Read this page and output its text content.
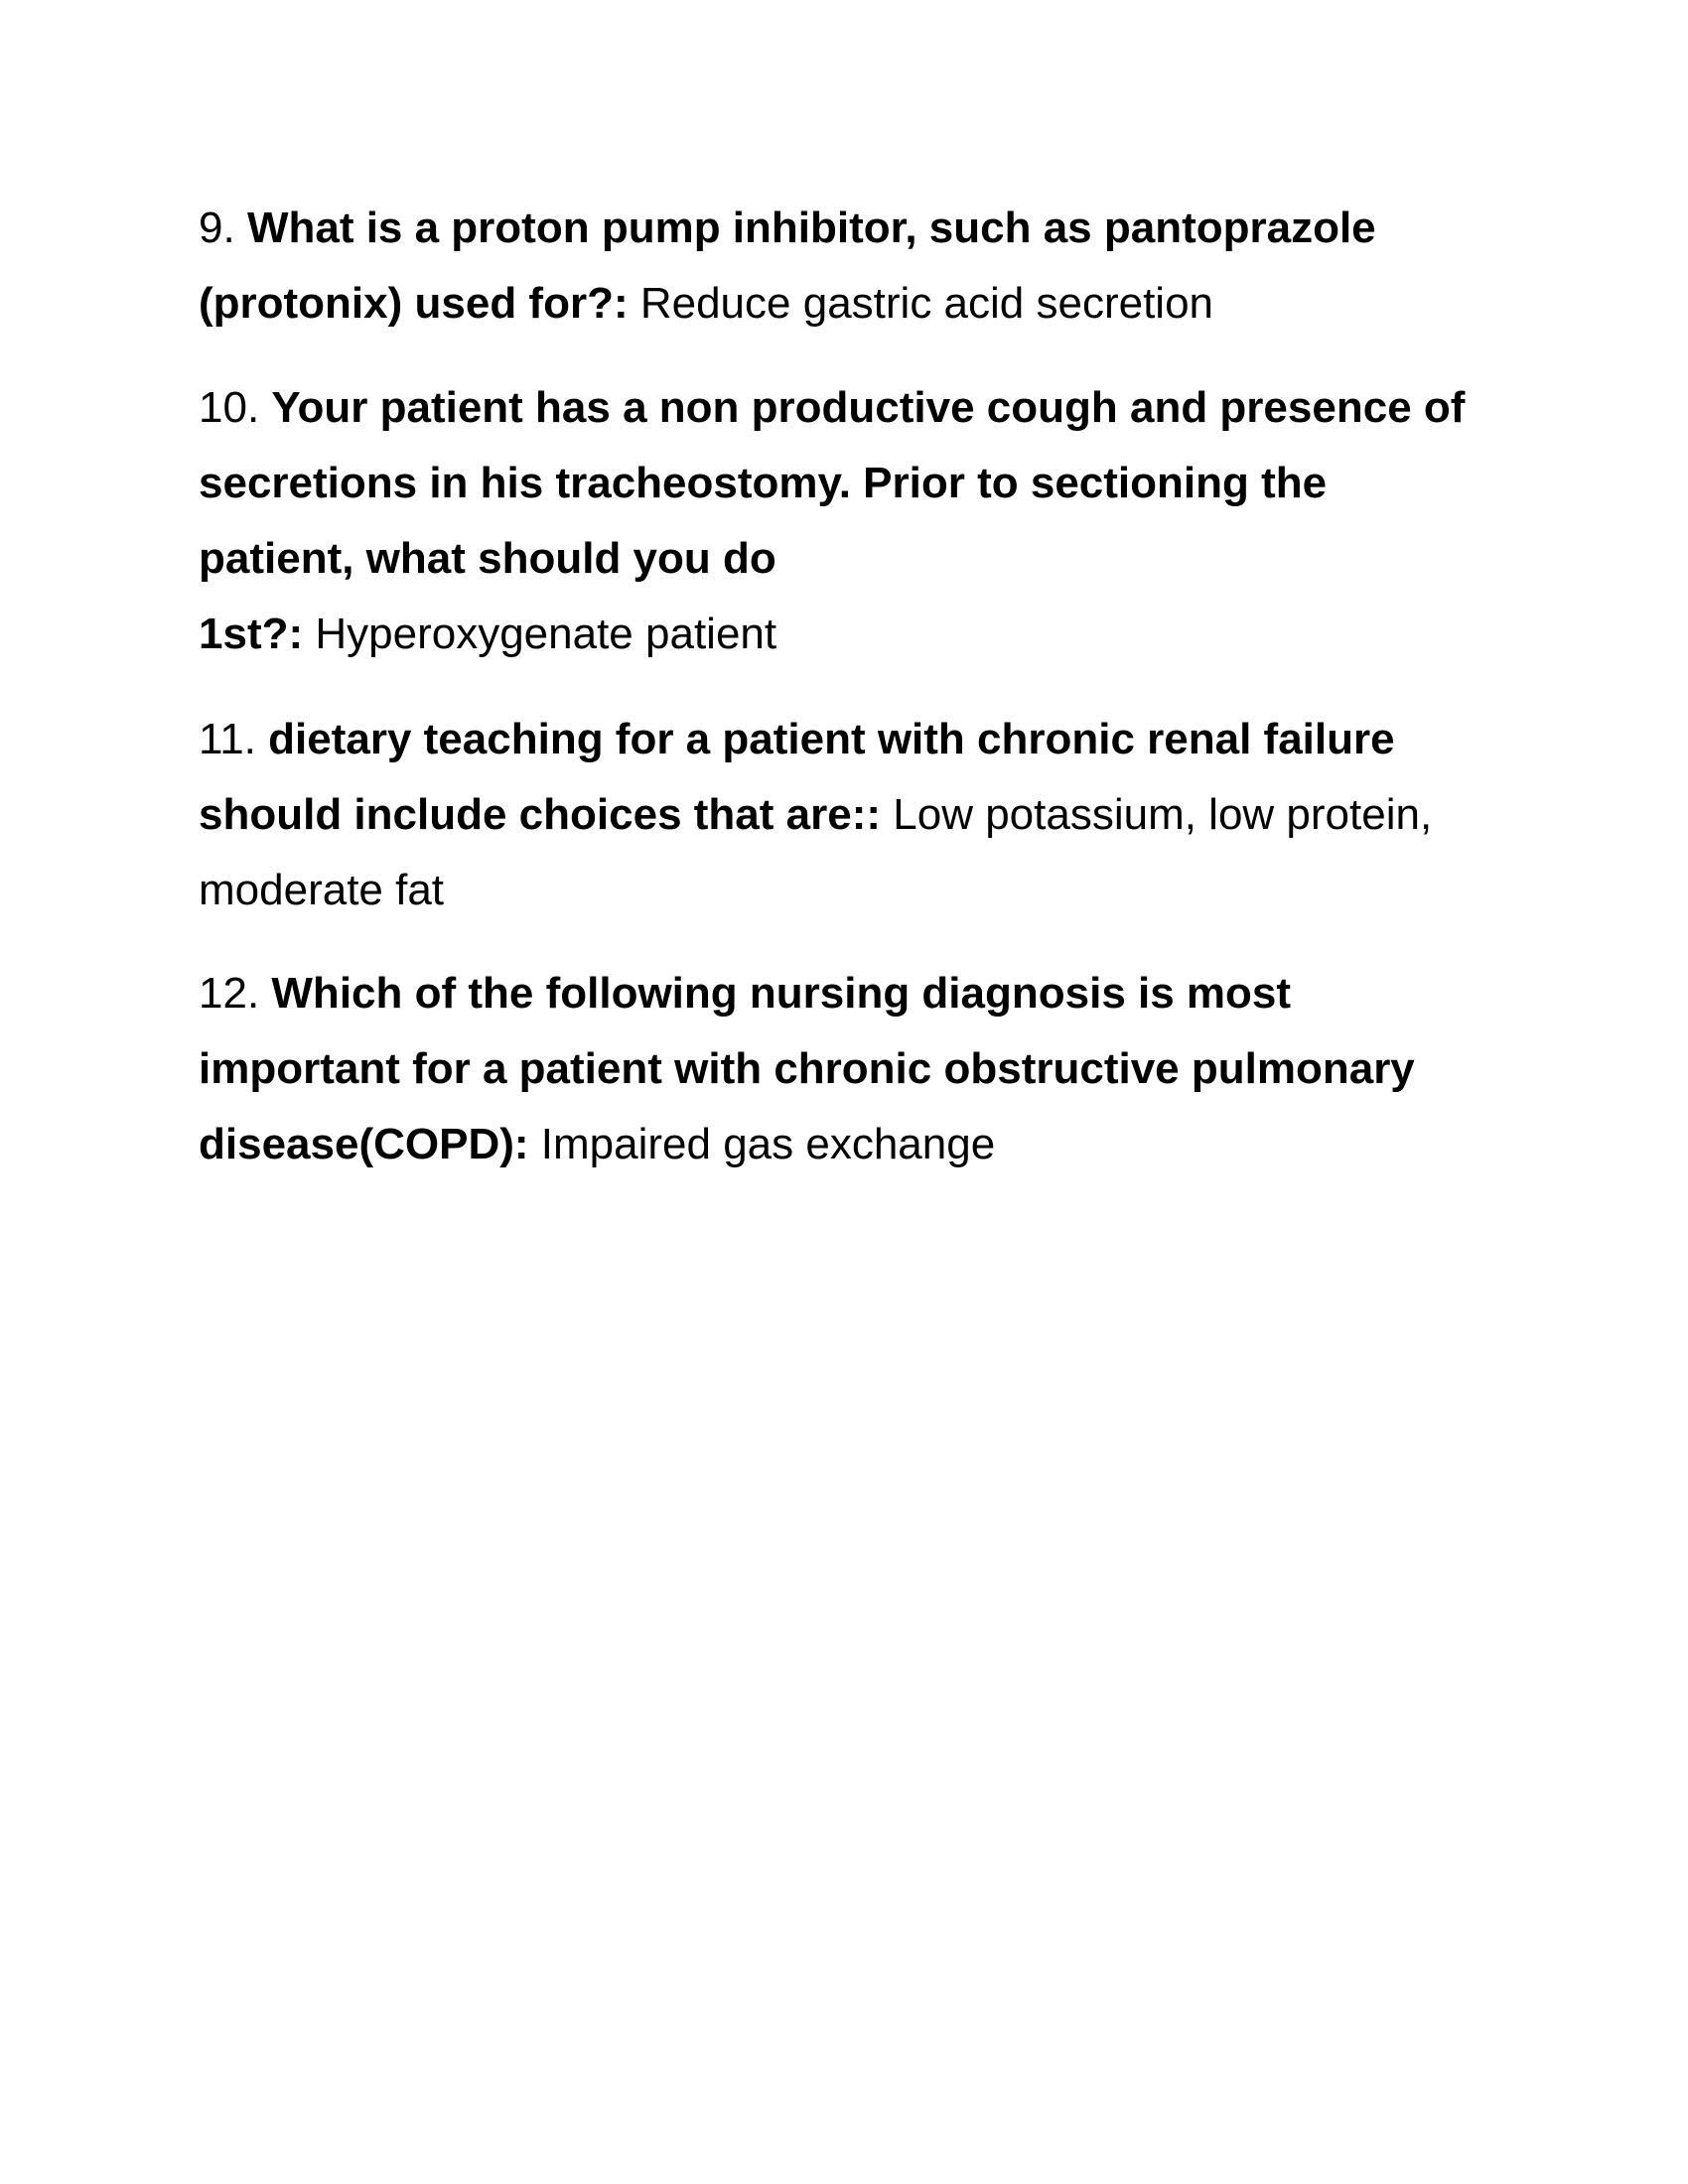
9. What is a proton pump inhibitor, such as pantoprazole
(protonix) used for?: Reduce gastric acid secretion
10. Your patient has a non productive cough and presence of
secretions in his tracheostomy. Prior to sectioning the
patient, what should you do
1st?: Hyperoxygenate patient
11. dietary teaching for a patient with chronic renal failure
should include choices that are:: Low potassium, low protein,
moderate fat
12. Which of the following nursing diagnosis is most
important for a patient with chronic obstructive pulmonary
disease(COPD): Impaired gas exchange
